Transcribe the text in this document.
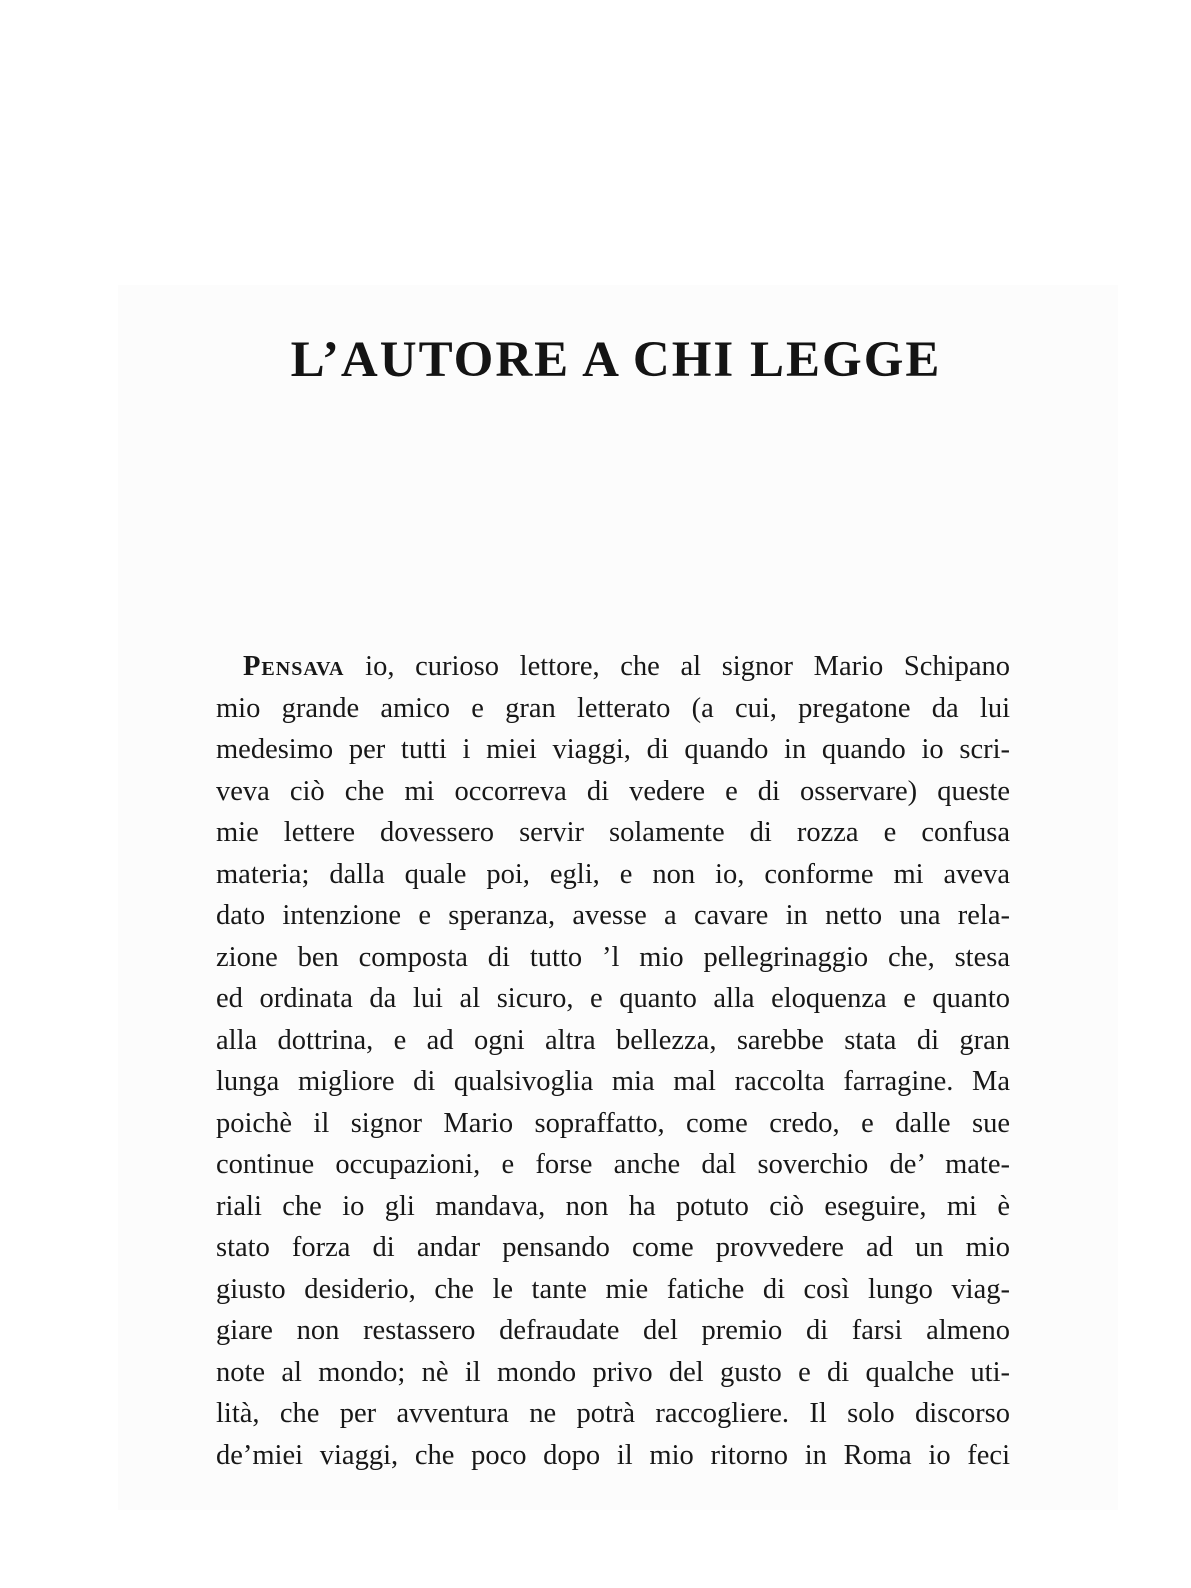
L’AUTORE A CHI LEGGE
Pensava io, curioso lettore, che al signor Mario Schipano
mio grande amico e gran letterato (a cui, pregatone da lui
medesimo per tutti i miei viaggi, di quando in quando io scri-
veva ciò che mi occorreva di vedere e di osservare) queste
mie lettere dovessero servir solamente di rozza e confusa
materia; dalla quale poi, egli, e non io, conforme mi aveva
dato intenzione e speranza, avesse a cavare in netto una rela-
zione ben composta di tutto ’l mio pellegrinaggio che, stesa
ed ordinata da lui al sicuro, e quanto alla eloquenza e quanto
alla dottrina, e ad ogni altra bellezza, sarebbe stata di gran
lunga migliore di qualsivoglia mia mal raccolta farragine. Ma
poichè il signor Mario sopraffatto, come credo, e dalle sue
continue occupazioni, e forse anche dal soverchio de’ mate-
riali che io gli mandava, non ha potuto ciò eseguire, mi è
stato forza di andar pensando come provvedere ad un mio
giusto desiderio, che le tante mie fatiche di così lungo viag-
giare non restassero defraudate del premio di farsi almeno
note al mondo; nè il mondo privo del gusto e di qualche uti-
lità, che per avventura ne potrà raccogliere. Il solo discorso
de’miei viaggi, che poco dopo il mio ritorno in Roma io feci
